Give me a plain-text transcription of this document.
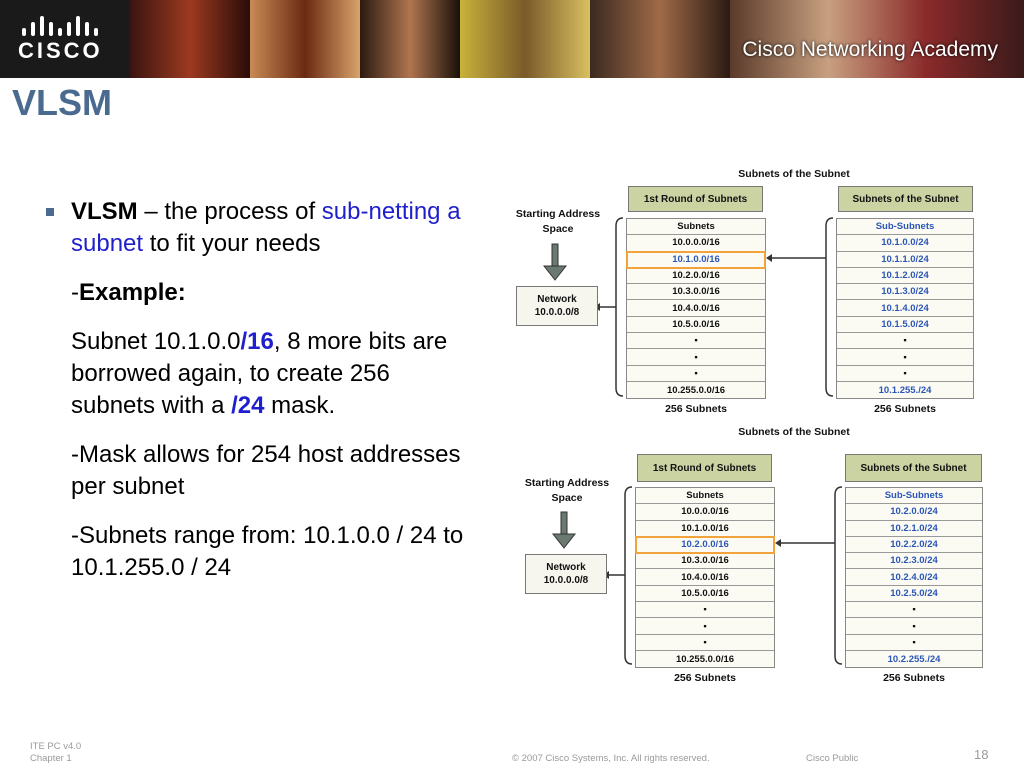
CISCO	Cisco Networking Academy
VLSM
VLSM – the process of sub-netting a subnet to fit your needs
-Example:
Subnet 10.1.0.0/16, 8 more bits are borrowed again, to create 256 subnets with a /24 mask.
-Mask allows for 254 host addresses per subnet
-Subnets range from: 10.1.0.0 / 24 to 10.1.255.0 / 24
Subnets of the Subnet
Starting Address
Space
Network
10.0.0.0/8
1st Round of Subnets	Subnets of the Subnet
Subnets
10.0.0.0/16
10.1.0.0/16
10.2.0.0/16
10.3.0.0/16
10.4.0.0/16
10.5.0.0/16
▪
▪
▪
10.255.0.0/16
Sub-Subnets
10.1.0.0/24
10.1.1.0/24
10.1.2.0/24
10.1.3.0/24
10.1.4.0/24
10.1.5.0/24
▪
▪
▪
10.1.255./24
256 Subnets	256 Subnets
Subnets of the Subnet
Starting Address
Space
Network
10.0.0.0/8
1st Round of Subnets	Subnets of the Subnet
Subnets
10.0.0.0/16
10.1.0.0/16
10.2.0.0/16
10.3.0.0/16
10.4.0.0/16
10.5.0.0/16
▪
▪
▪
10.255.0.0/16
Sub-Subnets
10.2.0.0/24
10.2.1.0/24
10.2.2.0/24
10.2.3.0/24
10.2.4.0/24
10.2.5.0/24
▪
▪
▪
10.2.255./24
256 Subnets	256 Subnets
ITE PC v4.0
Chapter 1	© 2007 Cisco Systems, Inc. All rights reserved.	Cisco Public	18
